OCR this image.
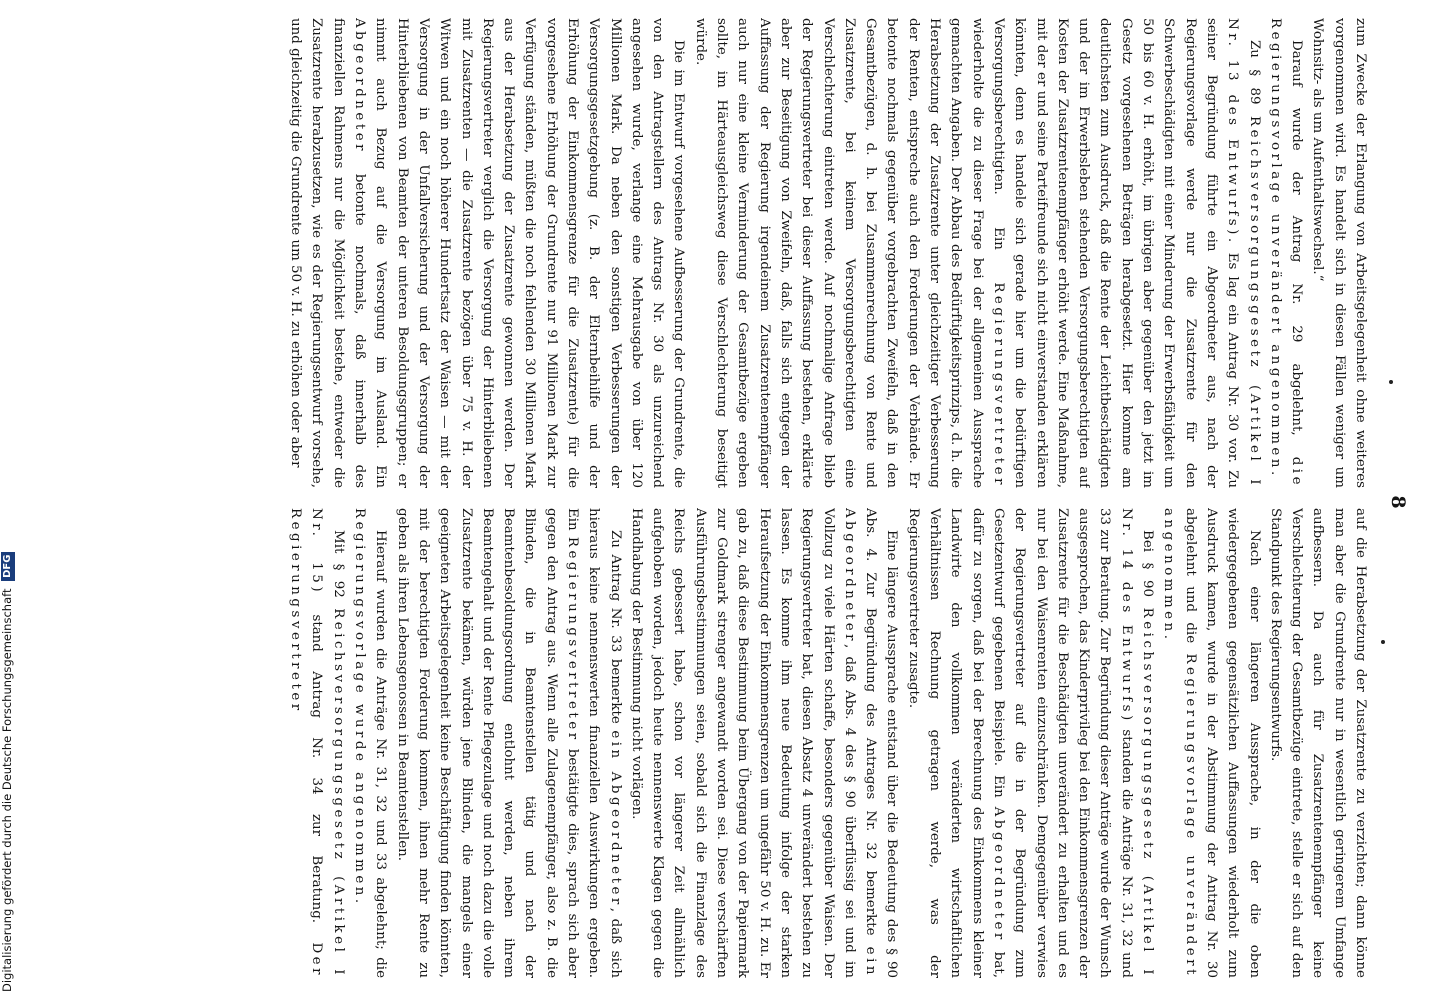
8

zum Zwecke der Erlangung von Arbeitsgelegenheit ohne weiteres vorgenommen wird. Es handelt sich in diesen Fällen weniger um Wohnsitz- als um Aufenthaltswechsel.“

Darauf wurde der Antrag Nr. 29 abgelehnt, die Regierungsvorlage unverändert angenommen.

Zu § 89 Reichsversorgungsgesetz (Artikel I Nr. 13 des Entwurfs). Es lag ein Antrag Nr. 30 vor. Zu seiner Begründung führte ein Abgeordneter aus, nach der Regierungsvorlage werde nur die Zusatzrente für den Schwerbeschädigten mit einer Minderung der Erwerbsfähigkeit um 50 bis 60 v. H. erhöht, im übrigen aber gegenüber den jetzt im Gesetz vorgesehenen Beträgen herabgesetzt. Hier komme am deutlichsten zum Ausdruck, daß die Rente der Leichtbeschädigten und der im Erwerbsleben stehenden Versorgungsberechtigten auf Kosten der Zusatzrentenempfänger erhöht werde. Eine Maßnahme, mit der er und seine Parteifreunde sich nicht einverstanden erklären könnten, denn es handele sich gerade hier um die bedürftigen Versorgungsberechtigten. Ein Regierungsvertreter wiederholte die zu dieser Frage bei der allgemeinen Aussprache gemachten Angaben. Der Abbau des Bedürftigkeitsprinzips, d. h. die Herabsetzung der Zusatzrente unter gleichzeitiger Verbesserung der Renten, entspreche auch den Forderungen der Verbände. Er betonte nochmals gegenüber vorgebrachten Zweifeln, daß in den Gesamtbezügen, d. h. bei Zusammenrechnung von Rente und Zusatzrente, bei keinem Versorgungsberechtigten eine Verschlechterung eintreten werde. Auf nochmalige Anfrage blieb der Regierungsvertreter bei dieser Auffassung bestehen, erklärte aber zur Beseitigung von Zweifeln, daß, falls sich entgegen der Auffassung der Regierung irgendeinem Zusatzrentenempfänger auch nur eine kleine Verminderung der Gesamtbezüge ergeben sollte, im Härteausgleichsweg diese Verschlechterung beseitigt würde.

Die im Entwurf vorgesehene Aufbesserung der Grundrente, die von den Antragstellern des Antrags Nr. 30 als unzureichend angesehen wurde, verlange eine Mehrausgabe von über 120 Millionen Mark. Da neben den sonstigen Verbesserungen der Versorgungsgesetzgebung (z. B. der Elternbeihilfe und der Erhöhung der Einkommensgrenze für die Zusatzrente) für die vorgesehene Erhöhung der Grundrente nur 91 Millionen Mark zur Verfügung ständen, müßten die noch fehlenden 30 Millionen Mark aus der Herabsetzung der Zusatzrente gewonnen werden. Der Regierungsvertreter verglich die Versorgung der Hinterbliebenen mit Zusatzrenten — die Zusatzrente bezögen über 75 v. H. der Witwen und ein noch höherer Hundertsatz der Waisen — mit der Versorgung in der Unfallversicherung und der Versorgung der Hinterbliebenen von Beamten der unteren Besoldungsgruppen; er nimmt auch Bezug auf die Versorgung im Ausland. Ein Abgeordneter betonte nochmals, daß innerhalb des finanziellen Rahmens nur die Möglichkeit bestehe, entweder die Zusatzrente herabzusetzen, wie es der Regierungsentwurf vorsehe, und gleichzeitig die Grundrente um 50 v. H. zu erhöhen oder aber

auf die Herabsetzung der Zusatzrente zu verzichten; dann könne man aber die Grundrente nur in wesentlich geringerem Umfange aufbessern. Da auch für Zusatzrentenempfänger keine Verschlechterung der Gesamtbezüge eintrete, stelle er sich auf den Standpunkt des Regierungsentwurfs.

Nach einer längeren Aussprache, in der die oben wiedergegebenen gegensätzlichen Auffassungen wiederholt zum Ausdruck kamen, wurde in der Abstimmung der Antrag Nr. 30 abgelehnt und die Regierungsvorlage unverändert angenommen.

Bei § 90 Reichsversorgungsgesetz (Artikel I Nr. 14 des Entwurfs) standen die Anträge Nr. 31, 32 und 33 zur Beratung. Zur Begründung dieser Anträge wurde der Wunsch ausgesprochen, das Kinderprivileg bei den Einkommensgrenzen der Zusatzrente für die Beschädigten unverändert zu erhalten und es nur bei den Waisenrenten einzuschränken. Demgegenüber verwies der Regierungsvertreter auf die in der Begründung zum Gesetzentwurf gegebenen Beispiele. Ein Abgeordneter bat, dafür zu sorgen, daß bei der Berechnung des Einkommens kleiner Landwirte den vollkommen veränderten wirtschaftlichen Verhältnissen Rechnung getragen werde, was der Regierungsvertreter zusagte.

Eine längere Aussprache entstand über die Bedeutung des § 90 Abs. 4. Zur Begründung des Antrages Nr. 32 bemerkte ein Abgeordneter, daß Abs. 4 des § 90 überflüssig sei und im Vollzug zu viele Härten schaffe, besonders gegenüber Waisen. Der Regierungsvertreter bat, diesen Absatz 4 unverändert bestehen zu lassen. Es komme ihm neue Bedeutung infolge der starken Heraufsetzung der Einkommensgrenzen um ungefähr 50 v. H. zu. Er gab zu, daß diese Bestimmung beim Übergang von der Papiermark zur Goldmark strenger angewandt worden sei. Diese verschärften Ausführungsbestimmungen seien, sobald sich die Finanzlage des Reichs gebessert habe, schon vor längerer Zeit allmählich aufgehoben worden, jedoch heute nennenswerte Klagen gegen die Handhabung der Bestimmung nicht vorlägen.

Zu Antrag Nr. 33 bemerkte ein Abgeordneter, daß sich hieraus keine nennenswerten finanziellen Auswirkungen ergeben. Ein Regierungsvertreter bestätigte dies, sprach sich aber gegen den Antrag aus. Wenn alle Zulagenempfänger, also z. B. die Blinden, die in Beamtenstellen tätig und nach der Beamtenbesoldungsordnung entlohnt werden, neben ihrem Beamtengehalt und der Rente Pflegezulage und noch dazu die volle Zusatzrente bekämen, würden jene Blinden, die mangels einer geeigneten Arbeitsgelegenheit keine Beschäftigung finden könnten, mit der berechtigten Forderung kommen, ihnen mehr Rente zu geben als ihren Lebensgenossen in Beamtenstellen.

Hierauf wurden die Anträge Nr. 31, 32 und 33 abgelehnt; die Regierungsvorlage wurde angenommen.

Mit § 92 Reichsversorgungsgesetz (Artikel I Nr. 15) stand Antrag Nr. 34 zur Beratung. Der Regierungsvertreter

Digitalisierung gefördert durch die Deutsche Forschungsgemeinschaft DFG
